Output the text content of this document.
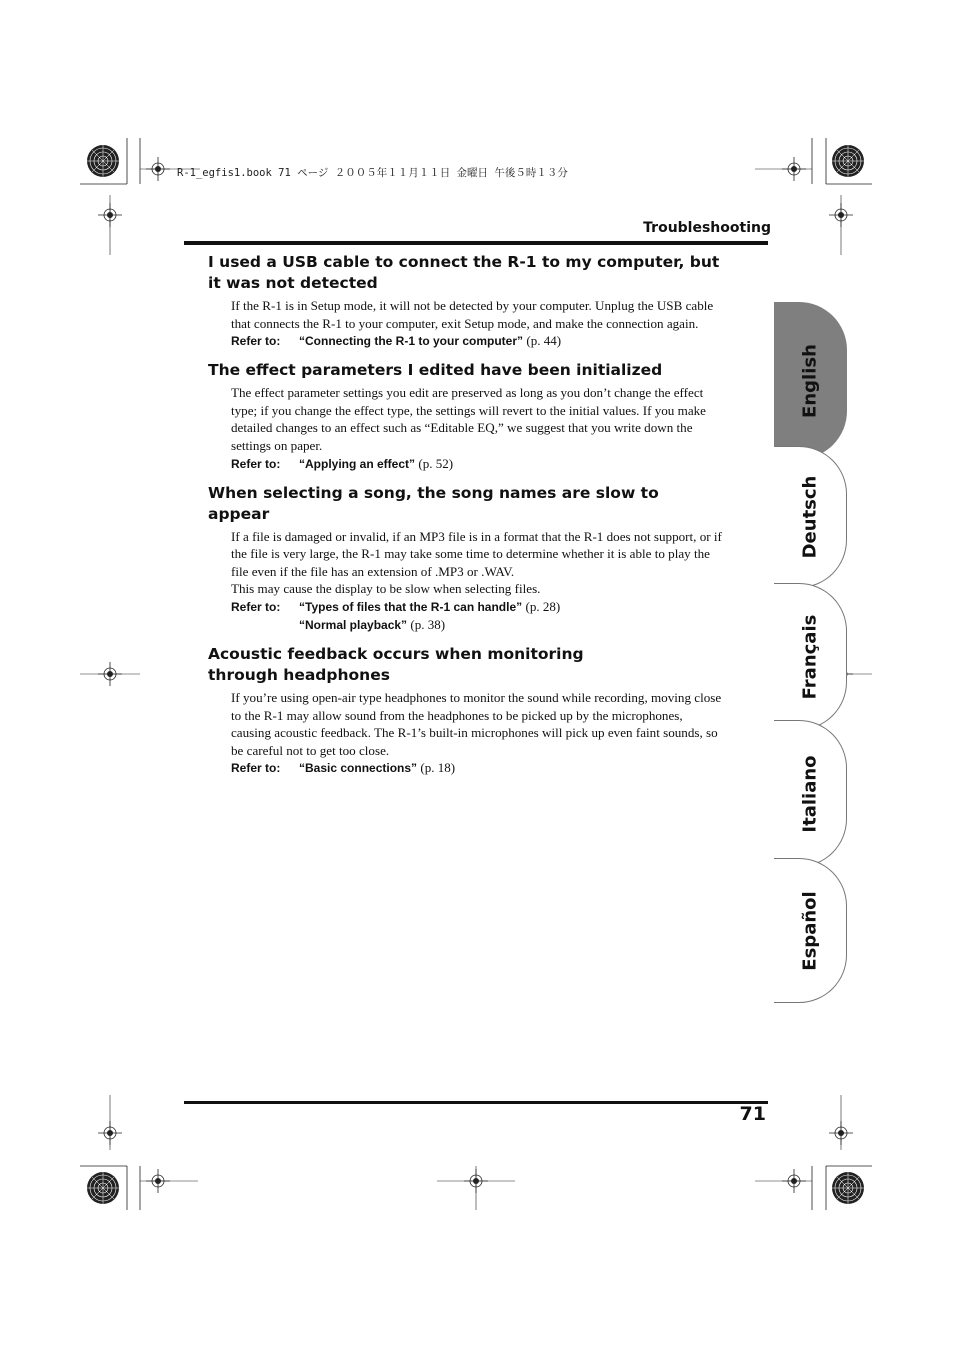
R-1_egfis1.book 71 ページ ２００５年１１月１１日 金曜日 午後５時１３分
Troubleshooting
English
Deutsch
Français
Italiano
Español
I used a USB cable to connect the R-1 to my computer, but it was not detected

If the R-1 is in Setup mode, it will not be detected by your computer. Unplug the USB cable that connects the R-1 to your computer, exit Setup mode, and make the connection again.

Refer to:	“Connecting the R-1 to your computer” (p. 44)
The effect parameters I edited have been initialized

The effect parameter settings you edit are preserved as long as you don’t change the effect type; if you change the effect type, the settings will revert to the initial values. If you make detailed changes to an effect such as “Editable EQ,” we suggest that you write down the settings on paper.

Refer to:	“Applying an effect” (p. 52)
When selecting a song, the song names are slow to appear

If a file is damaged or invalid, if an MP3 file is in a format that the R-1 does not support, or if the file is very large, the R-1 may take some time to determine whether it is able to play the file even if the file has an extension of .MP3 or .WAV.
This may cause the display to be slow when selecting files.

Refer to:	“Types of files that the R-1 can handle” (p. 28)
“Normal playback” (p. 38)
Acoustic feedback occurs when monitoring through headphones

If you’re using open-air type headphones to monitor the sound while recording, moving close to the R-1 may allow sound from the headphones to be picked up by the microphones, causing acoustic feedback. The R-1’s built-in microphones will pick up even faint sounds, so be careful not to get too close.

Refer to:	“Basic connections” (p. 18)
71
